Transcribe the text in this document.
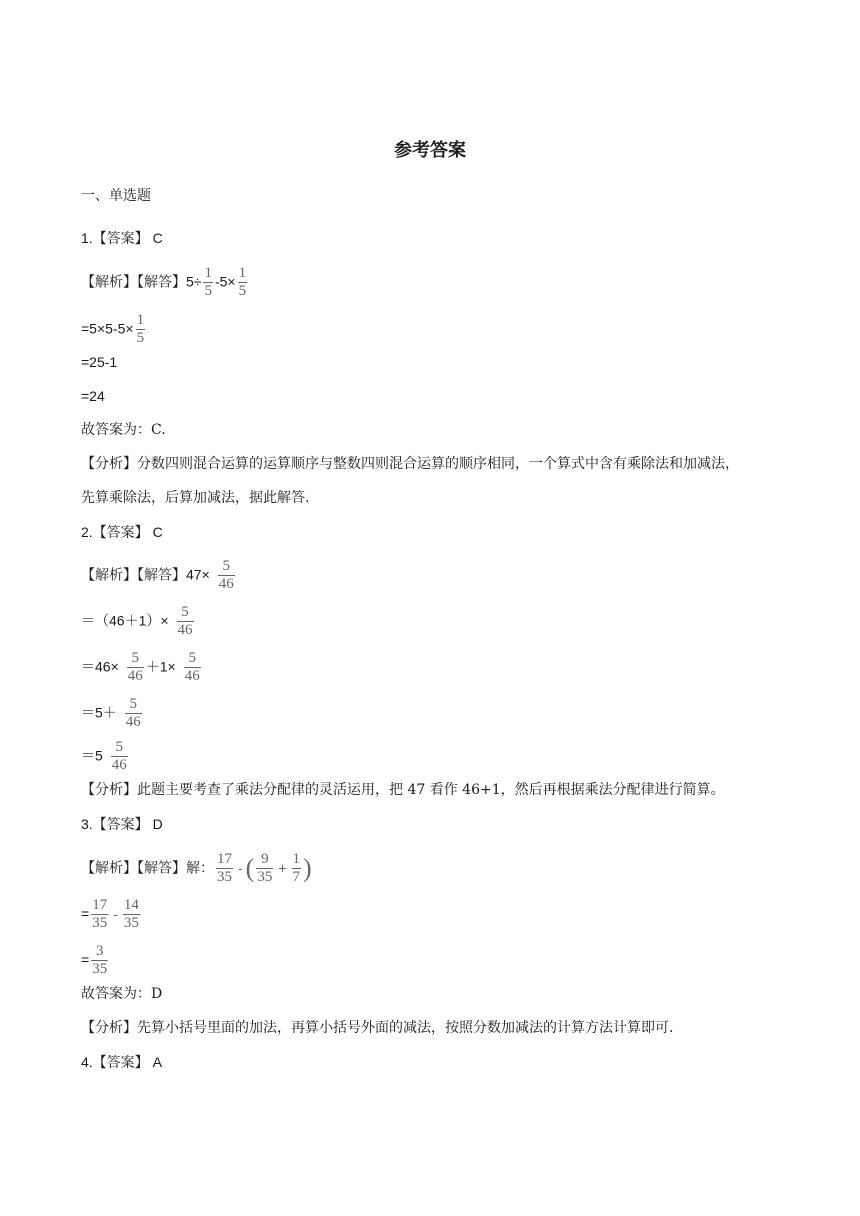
参考答案
一、单选题
1.【答案】 C
【解析】【解答】$5\div \frac{1}{5} -5\times \frac{1}{5}$
$=5\times 5-5\times \frac{1}{5}$
=25-1
=24
故答案为：C.
【分析】分数四则混合运算的运算顺序与整数四则混合运算的顺序相同，一个算式中含有乘除法和加减法，
先算乘除法，后算加减法，据此解答.
2.【答案】 C
【解析】【解答】$47\times \frac{5}{46}$
$=(46+1)\times \frac{5}{46}$
$=46\times \frac{5}{46} +1\times \frac{5}{46}$
$=5+ \frac{5}{46}$
$=5 \frac{5}{46}$
【分析】此题主要考查了乘法分配律的灵活运用，把 47 看作 46+1，然后再根据乘法分配律进行简算。
3.【答案】 D
【解析】【解答】解： $\frac{17}{35}$ - ( $\frac{9}{35} + \frac{1}{7}$ )
= $\frac{17}{35} - \frac{14}{35}$
= $\frac{3}{35}$
故答案为：D
【分析】先算小括号里面的加法，再算小括号外面的减法，按照分数加减法的计算方法计算即可.
4.【答案】 A
